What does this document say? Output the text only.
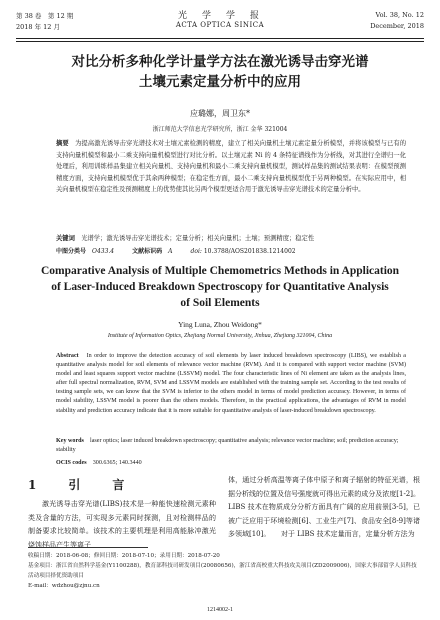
第 38 卷　第 12 期
2018 年 12 月
光　学　学　报
ACTA OPTICA SINICA
Vol. 38, No. 12
December, 2018
对比分析多种化学计量学方法在激光诱导击穿光谱
土壤元素定量分析中的应用
应璐娜，周卫东*
浙江师范大学信息光学研究所，浙江 金华 321004
摘要　 为提高激光诱导击穿光谱技术对土壤元素检测的精度，建立了相关向量机土壤元素定量分析模型，并将该模型与已有的支持向量机模型和最小二乘支持向量机模型进行对比分析。以土壤元素 Ni 的 4 条特征谱线作为分析线，对其进行全谱归一化处理后，利用训练样品集建立相关向量机、支持向量机和最小二乘支持向量机模型，测试样品集的测试结果表明：在模型预测精度方面，支持向量机模型优于其余两种模型；在稳定性方面，最小二乘支持向量机模型优于另两种模型。在实际应用中，相关向量机模型在稳定性及预测精度上的优势使其比另两个模型更适合用于激光诱导击穿光谱技术的定量分析中。
关键词　 光谱学；激光诱导击穿光谱技术；定量分析；相关向量机；土壤；预测精度；稳定性
中图分类号　 O433.4	文献标识码　 A	doi: 10.3788/AOS201838.1214002
Comparative Analysis of Multiple Chemometrics Methods in Application
of Laser-Induced Breakdown Spectroscopy for Quantitative Analysis
of Soil Elements
Ying Luna, Zhou Weidong*
Institute of Information Optics, Zhejiang Normal University, Jinhua, Zhejiang 321004, China
Abstract　 In order to improve the detection accuracy of soil elements by laser induced breakdown spectroscopy (LIBS), we establish a quantitative analysis model for soil elements of relevance vector machine (RVM). And it is compared with support vector machine (SVM) model and least squares support vector machine (LSSVM) model. The four characteristic lines of Ni element are taken as the analysis lines, after full spectral normalization, RVM, SVM and LSSVM models are established with the training sample set. According to the test results of testing sample sets, we can know that the SVM is inferior to the others model in terms of model prediction accuracy. However, in terms of model stability, LSSVM model is poorer than the others models. Therefore, in the practical applications, the advantages of RVM in model stability and prediction accuracy indicate that it is more suitable for quantitative analysis of laser-induced breakdown spectroscopy.
Key words　 laser optics; laser induced breakdown spectroscopy; quantitative analysis; relevance vector machine; soil; prediction accuracy; stability
OCIS codes　 300.6365; 140.3440
1　引　言
激光诱导击穿光谱(LIBS)技术是一种能快速检测元素种类及含量的方法，可实现多元素同时探测，且对检测样品的制备要求比较简单。该技术的主要机理是利用高能脉冲激光烧蚀样品产生等离子
体，通过分析高温等离子体中原子和离子辐射的特征光谱，根据分析线的位置及信号强度就可得出元素的成分及浓度[1-2]。LIBS 技术在物质成分分析方面具有广阔的应用前景[3-5]，已被广泛应用于环境检测[6]、工业生产[7]、食品安全[8-9]等诸多领域[10]。　　对于 LIBS 技术定量而言，定量分析方法为
收稿日期：2018-06-08；修回日期：2018-07-10；录用日期：2018-07-20
基金项目：浙江省自然科学基金(Y1100288)，教育部科技司研发项目(20080656)，浙江省高校重大科技攻关项目(ZD2009006)，国家大事部留学人员科技活动项目择优资助项目
E-mail：wdzhou@zjnu.cn
1214002-1
